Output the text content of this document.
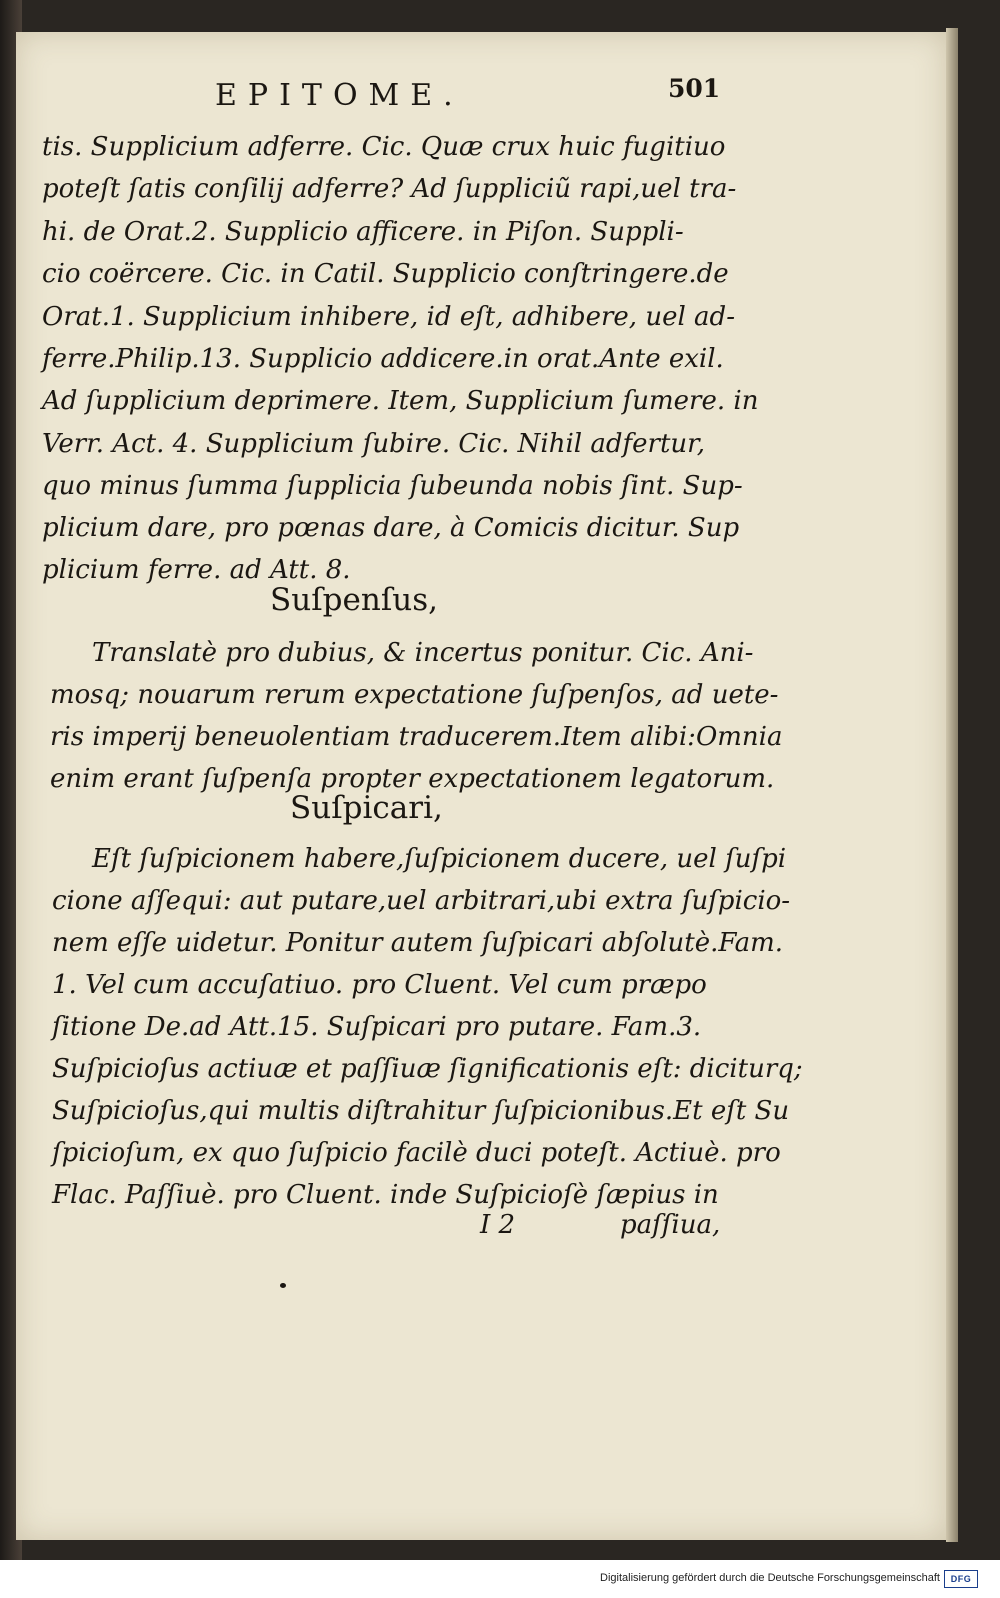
EPITOME.	501
tis. Supplicium adferre. Cic. Quæ crux huic fugitiuo
poteſt ſatis conſilij adferre? Ad ſuppliciũ rapi,uel tra-
hi. de Orat.2. Supplicio afficere. in Piſon. Suppli-
cio coërcere. Cic. in Catil. Supplicio conſtringere.de
Orat.1. Supplicium inhibere, id eſt, adhibere, uel ad-
ferre.Philip.13. Supplicio addicere.in orat.Ante exil.
Ad ſupplicium deprimere. Item, Supplicium ſumere. in
Verr. Act. 4. Supplicium ſubire. Cic. Nihil adfertur,
quo minus ſumma ſupplicia ſubeunda nobis ſint. Sup-
plicium dare, pro pœnas dare, à Comicis dicitur. Sup
plicium ferre. ad Att. 8.
Suſpenſus,
Translatè pro dubius, & incertus ponitur. Cic. Ani-
mosq; nouarum rerum expectatione ſuſpenſos, ad uete-
ris imperij beneuolentiam traducerem.Item alibi:Omnia
enim erant ſuſpenſa propter expectationem legatorum.
Suſpicari,
Eſt ſuſpicionem habere,ſuſpicionem ducere, uel ſuſpi
cione aſſequi: aut putare,uel arbitrari,ubi extra ſuſpicio-
nem eſſe uidetur. Ponitur autem ſuſpicari abſolutè.Fam.
1. Vel cum accuſatiuo. pro Cluent. Vel cum præpo
ſitione De.ad Att.15. Suſpicari pro putare. Fam.3.
Suſpicioſus actiuæ et paſſiuæ ſignificationis eſt: diciturq;
Suſpicioſus,qui multis diſtrahitur ſuſpicionibus.Et eſt Su
ſpicioſum, ex quo ſuſpicio facilè duci poteſt. Actiuè. pro
Flac. Paſſiuè. pro Cluent. inde Suſpicioſè ſæpius in
I 2	paſſiua,
Digitalisierung gefördert durch die Deutsche Forschungsgemeinschaft	DFG
